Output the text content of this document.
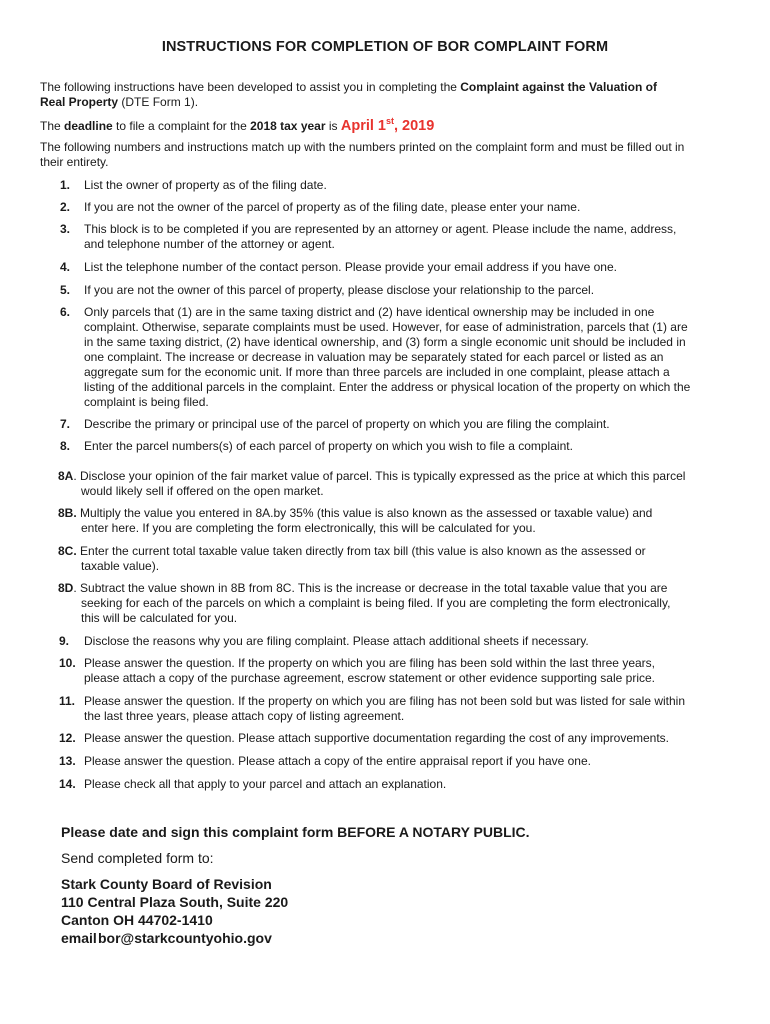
INSTRUCTIONS FOR COMPLETION OF BOR COMPLAINT FORM
The following instructions have been developed to assist you in completing the Complaint against the Valuation of
Real Property (DTE Form 1).
The deadline to file a complaint for the 2018 tax year is April 1st, 2019
The following numbers and instructions match up with the numbers printed on the complaint form and must be filled out in
their entirety.
1.	List the owner of property as of the filing date.
2.	If you are not the owner of the parcel of property as of the filing date, please enter your name.
3.	This block is to be completed if you are represented by an attorney or agent. Please include the name, address,
and telephone number of the attorney or agent.
4.	List the telephone number of the contact person. Please provide your email address if you have one.
5.	If you are not the owner of this parcel of property, please disclose your relationship to the parcel.
6.	Only parcels that (1) are in the same taxing district and (2) have identical ownership may be included in one
complaint. Otherwise, separate complaints must be used. However, for ease of administration, parcels that (1) are
in the same taxing district, (2) have identical ownership, and (3) form a single economic unit should be included in
one complaint. The increase or decrease in valuation may be separately stated for each parcel or listed as an
aggregate sum for the economic unit. If more than three parcels are included in one complaint, please attach a
listing of the additional parcels in the complaint. Enter the address or physical location of the property on which the
complaint is being filed.
7.	Describe the primary or principal use of the parcel of property on which you are filing the complaint.
8.	Enter the parcel numbers(s) of each parcel of property on which you wish to file a complaint.
8A. Disclose your opinion of the fair market value of parcel. This is typically expressed as the price at which this parcel
would likely sell if offered on the open market.
8B. Multiply the value you entered in 8A.by 35% (this value is also known as the assessed or taxable value) and
enter here. If you are completing the form electronically, this will be calculated for you.
8C. Enter the current total taxable value taken directly from tax bill (this value is also known as the assessed or
taxable value).
8D. Subtract the value shown in 8B from 8C. This is the increase or decrease in the total taxable value that you are
seeking for each of the parcels on which a complaint is being filed. If you are completing the form electronically,
this will be calculated for you.
9.	Disclose the reasons why you are filing complaint. Please attach additional sheets if necessary.
10. Please answer the question. If the property on which you are filing has been sold within the last three years,
please attach a copy of the purchase agreement, escrow statement or other evidence supporting sale price.
11. Please answer the question. If the property on which you are filing has not been sold but was listed for sale within
the last three years, please attach copy of listing agreement.
12. Please answer the question. Please attach supportive documentation regarding the cost of any improvements.
13. Please answer the question. Please attach a copy of the entire appraisal report if you have one.
14. Please check all that apply to your parcel and attach an explanation.
Please date and sign this complaint form BEFORE A NOTARY PUBLIC.
Send completed form to:
Stark County Board of Revision
110 Central Plaza South, Suite 220
Canton OH 44702-1410
emailbor@starkcountyohio.gov
